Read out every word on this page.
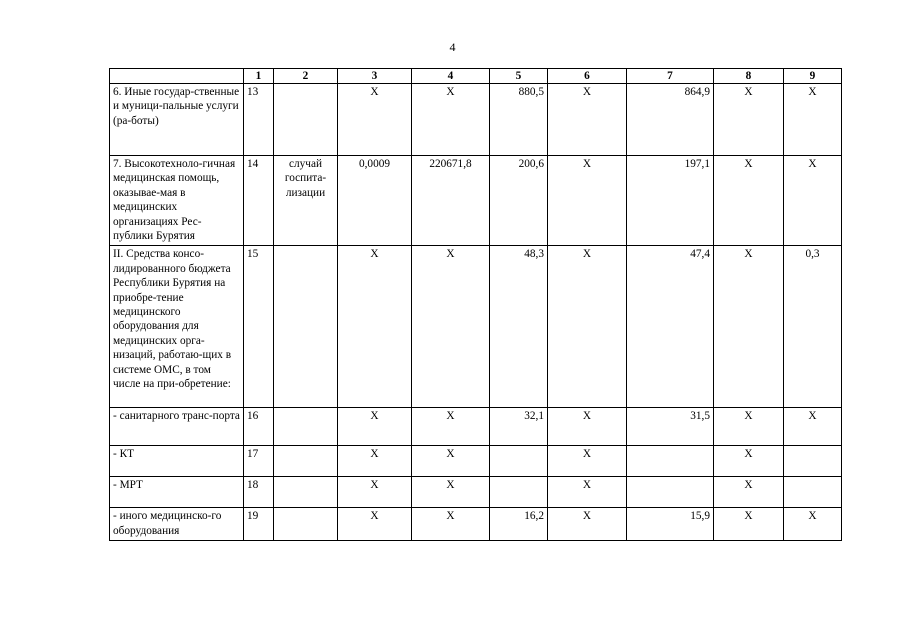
4
	1	2	3	4	5	6	7	8	9
6. Иные государ-ственные и муници-пальные услуги (ра-боты)	13		Х	Х	880,5	Х	864,9	Х	Х
7. Высокотехноло-гичная медицинская помощь, оказывае-мая в медицинских организациях Рес-публики Бурятия	14	случай госпита-лизации	0,0009	220671,8	200,6	Х	197,1	Х	Х
II. Средства консо-лидированного бюджета Республики Бурятия на приобре-тение медицинского оборудования для медицинских орга-низаций, работаю-щих в системе ОМС, в том числе на при-обретение:	15		Х	Х	48,3	Х	47,4	Х	0,3
- санитарного транс-порта	16		Х	Х	32,1	Х	31,5	Х	Х
- КТ	17		Х	Х		Х		Х	
- МРТ	18		Х	Х		Х		Х	
- иного медицинско-го оборудования	19		Х	Х	16,2	Х	15,9	Х	Х
